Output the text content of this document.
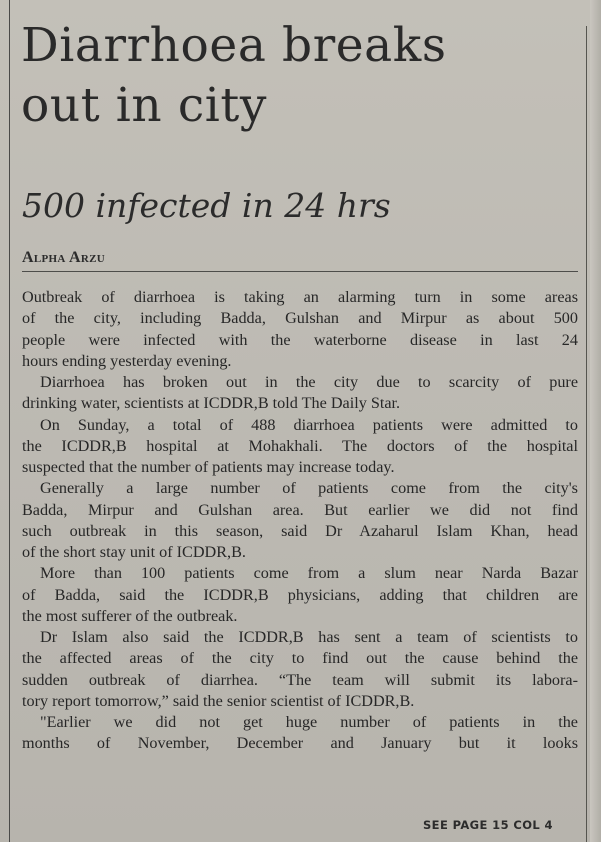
Diarrhoea breaks
out in city
500 infected in 24 hrs
Alpha Arzu
Outbreak of diarrhoea is taking an alarming turn in some areas
of the city, including Badda, Gulshan and Mirpur as about 500
people were infected with the waterborne disease in last 24
hours ending yesterday evening.
Diarrhoea has broken out in the city due to scarcity of pure
drinking water, scientists at ICDDR,B told The Daily Star.
On Sunday, a total of 488 diarrhoea patients were admitted to
the ICDDR,B hospital at Mohakhali. The doctors of the hospital
suspected that the number of patients may increase today.
Generally a large number of patients come from the city's
Badda, Mirpur and Gulshan area. But earlier we did not find
such outbreak in this season, said Dr Azaharul Islam Khan, head
of the short stay unit of ICDDR,B.
More than 100 patients come from a slum near Narda Bazar
of Badda, said the ICDDR,B physicians, adding that children are
the most sufferer of the outbreak.
Dr Islam also said the ICDDR,B has sent a team of scientists to
the affected areas of the city to find out the cause behind the
sudden outbreak of diarrhea. “The team will submit its labora-
tory report tomorrow,” said the senior scientist of ICDDR,B.
"Earlier we did not get huge number of patients in the
months of November, December and January but it looks
SEE PAGE 15 COL 4
